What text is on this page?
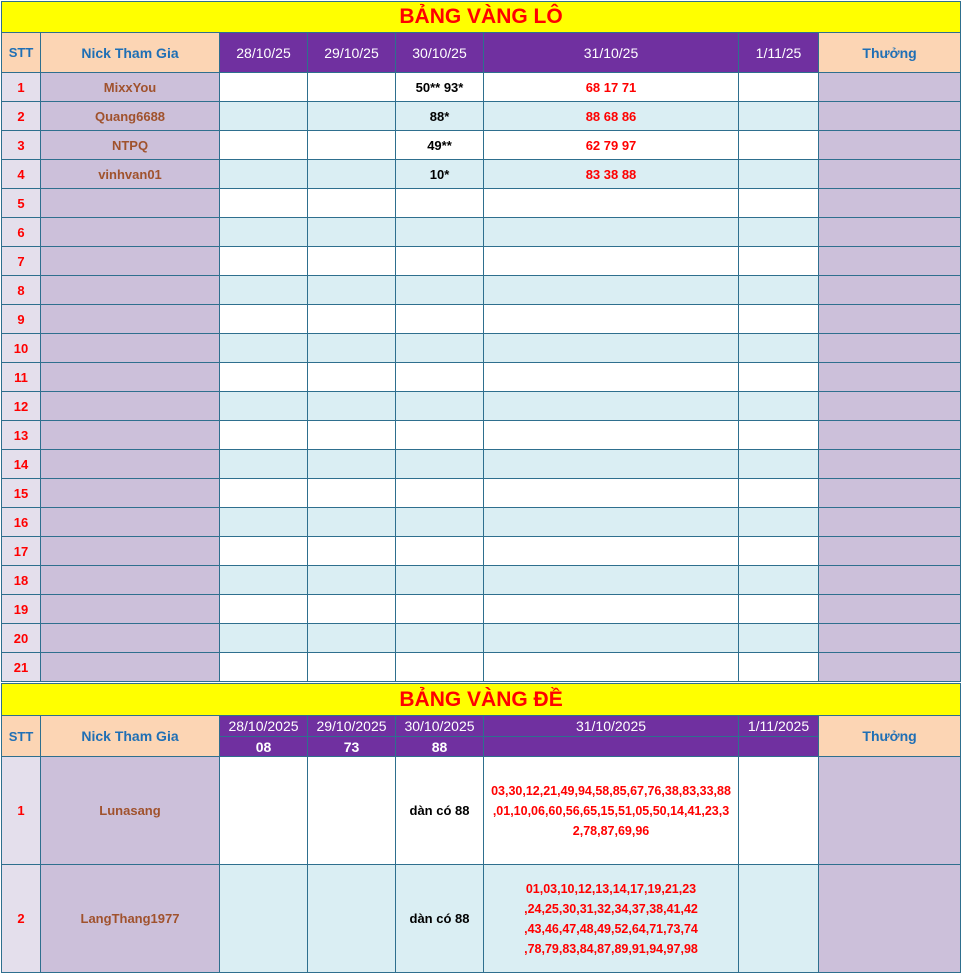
BẢNG VÀNG LÔ							
STT	Nick Tham Gia	28/10/25	29/10/25	30/10/25	31/10/25	1/11/25	Thưởng
1	MixxYou			50** 93*	68 17 71		
2	Quang6688			88*	88 68 86		
3	NTPQ			49**	62 79 97		
4	vinhvan01			10*	83 38 88		
5							
6							
7							
8							
9							
10							
11							
12							
13							
14							
15							
16							
17							
18							
19							
20							
21							
BẢNG VÀNG ĐỀ							
STT	Nick Tham Gia	28/10/2025	29/10/2025	30/10/2025	31/10/2025	1/11/2025	Thưởng
		08	73	88			
1	Lunasang			dàn có 88	03,30,12,21,49,94,58,85,67,76,38,83,33,88
,01,10,06,60,56,65,15,51,05,50,14,41,23,3
2,78,87,69,96		

2	LangThang1977			dàn có 88	01,03,10,12,13,14,17,19,21,23
,24,25,30,31,32,34,37,38,41,42
,43,46,47,48,49,52,64,71,73,74
,78,79,83,84,87,89,91,94,97,98		
